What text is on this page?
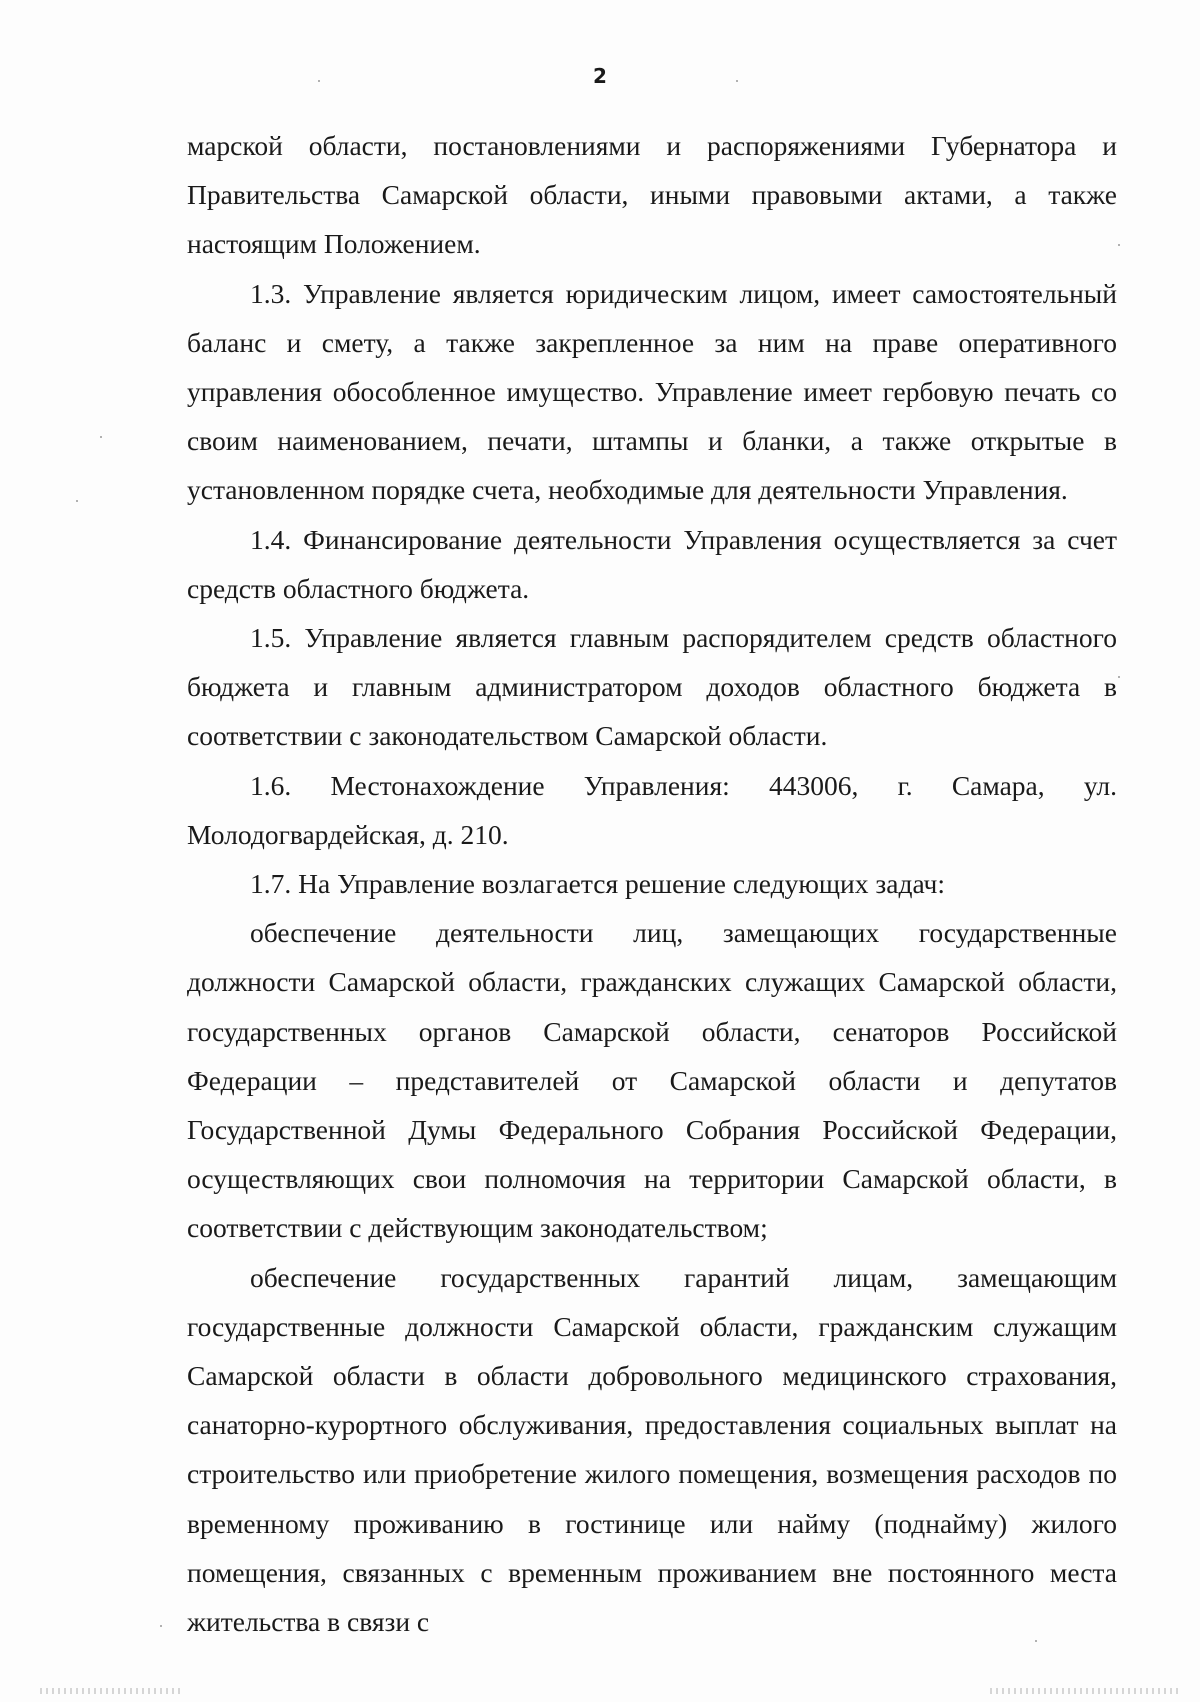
2

марской области, постановлениями и распоряжениями Губернатора и Правительства Самарской области, иными правовыми актами, а также настоящим Положением.

1.3. Управление является юридическим лицом, имеет самостоятельный баланс и смету, а также закрепленное за ним на праве оперативного управления обособленное имущество. Управление имеет гербовую печать со своим наименованием, печати, штампы и бланки, а также открытые в установленном порядке счета, необходимые для деятельности Управления.

1.4. Финансирование деятельности Управления осуществляется за счет средств областного бюджета.

1.5. Управление является главным распорядителем средств областного бюджета и главным администратором доходов областного бюджета в соответствии с законодательством Самарской области.

1.6. Местонахождение Управления: 443006, г. Самара, ул. Молодогвардейская, д. 210.

1.7. На Управление возлагается решение следующих задач:

обеспечение деятельности лиц, замещающих государственные должности Самарской области, гражданских служащих Самарской области, государственных органов Самарской области, сенаторов Российской Федерации – представителей от Самарской области и депутатов Государственной Думы Федерального Собрания Российской Федерации, осуществляющих свои полномочия на территории Самарской области, в соответствии с действующим законодательством;

обеспечение государственных гарантий лицам, замещающим государственные должности Самарской области, гражданским служащим Самарской области в области добровольного медицинского страхования, санаторно-курортного обслуживания, предоставления социальных выплат на строительство или приобретение жилого помещения, возмещения расходов по временному проживанию в гостинице или найму (поднайму) жилого помещения, связанных с временным проживанием вне постоянного места жительства в связи с
